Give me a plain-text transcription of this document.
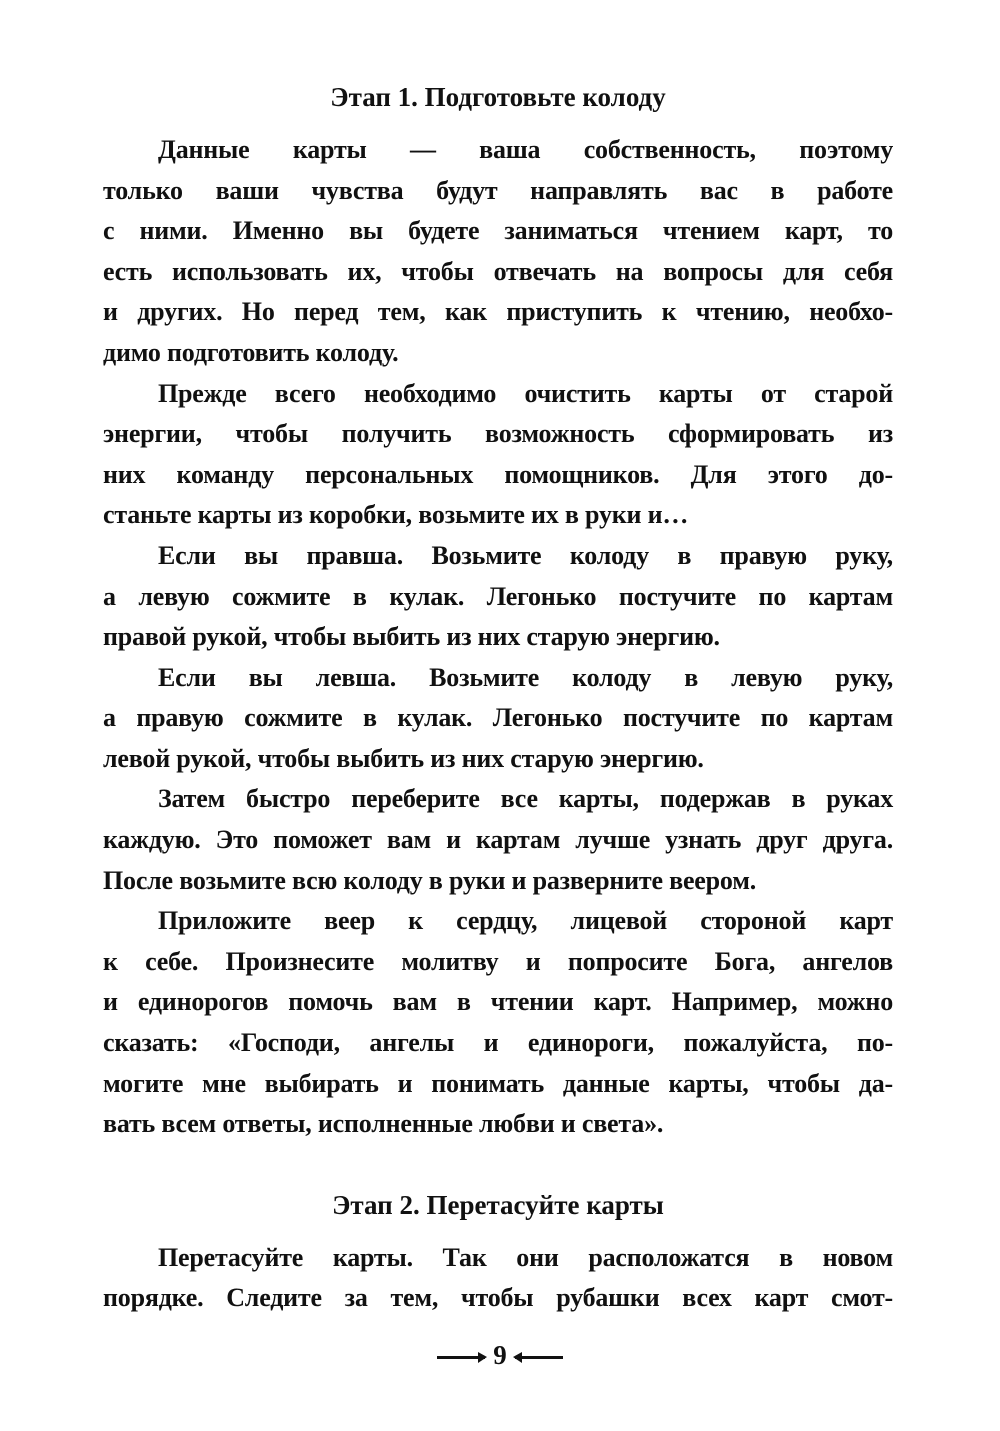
Этап 1. Подготовьте колоду
Данные карты — ваша собственность, поэтому
только ваши чувства будут направлять вас в работе
с ними. Именно вы будете заниматься чтением карт, то
есть использовать их, чтобы отвечать на вопросы для себя
и других. Но перед тем, как приступить к чтению, необхо-
димо подготовить колоду.
Прежде всего необходимо очистить карты от старой
энергии, чтобы получить возможность сформировать из
них команду персональных помощников. Для этого до-
станьте карты из коробки, возьмите их в руки и…
Если вы правша. Возьмите колоду в правую руку,
а левую сожмите в кулак. Легонько постучите по картам
правой рукой, чтобы выбить из них старую энергию.
Если вы левша. Возьмите колоду в левую руку,
а правую сожмите в кулак. Легонько постучите по картам
левой рукой, чтобы выбить из них старую энергию.
Затем быстро переберите все карты, подержав в руках
каждую. Это поможет вам и картам лучше узнать друг друга.
После возьмите всю колоду в руки и разверните веером.
Приложите веер к сердцу, лицевой стороной карт
к себе. Произнесите молитву и попросите Бога, ангелов
и единорогов помочь вам в чтении карт. Например, можно
сказать: «Господи, ангелы и единороги, пожалуйста, по-
могите мне выбирать и понимать данные карты, чтобы да-
вать всем ответы, исполненные любви и света».
Этап 2. Перетасуйте карты
Перетасуйте карты. Так они расположатся в новом
порядке. Следите за тем, чтобы рубашки всех карт смот-
9
